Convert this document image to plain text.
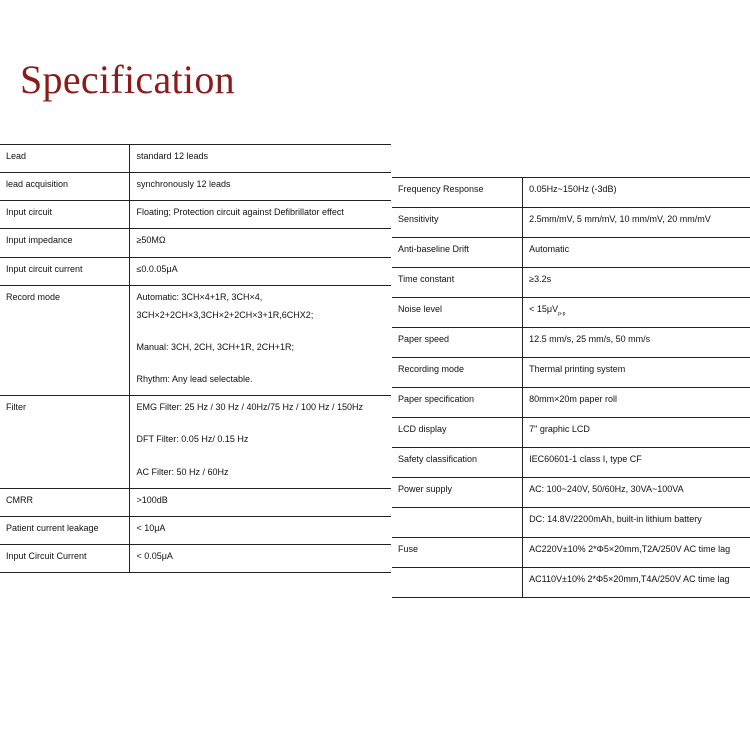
Specification
Lead	standard 12 leads

lead acquisition	synchronously 12 leads

Input circuit	Floating; Protection circuit against Defibrillator effect

Input impedance	≥50MΩ

Input circuit current	≤0.0.05μA

Record mode	Automatic: 3CH×4+1R, 3CH×4,
3CH×2+2CH×3,3CH×2+2CH×3+1R,6CHX2;
Manual: 3CH, 2CH, 3CH+1R, 2CH+1R;
Rhythm: Any lead selectable.

Filter	EMG Filter: 25 Hz / 30 Hz / 40Hz/75 Hz / 100 Hz / 150Hz
DFT Filter: 0.05 Hz/ 0.15 Hz
AC Filter: 50 Hz / 60Hz

CMRR	>100dB

Patient current leakage	< 10μA

Input Circuit Current	< 0.05μA
Frequency Response	0.05Hz~150Hz (-3dB)
Sensitivity	2.5mm/mV, 5 mm/mV, 10 mm/mV, 20 mm/mV
Anti-baseline Drift	Automatic
Time constant	≥3.2s
Noise level	< $15\mu V_{p-p}$
Paper speed	12.5 mm/s, 25 mm/s, 50 mm/s
Recording mode	Thermal printing system
Paper specification	80mm×20m paper roll
LCD display	7" graphic LCD
Safety classification	IEC60601-1 class I, type CF
Power supply	AC: 100~240V, 50/60Hz, 30VA~100VA
	DC: 14.8V/2200mAh, built-in lithium battery
Fuse	AC220V±10% 2*Φ5×20mm,T2A/250V AC time lag
	AC110V±10% 2*Φ5×20mm,T4A/250V AC time lag
